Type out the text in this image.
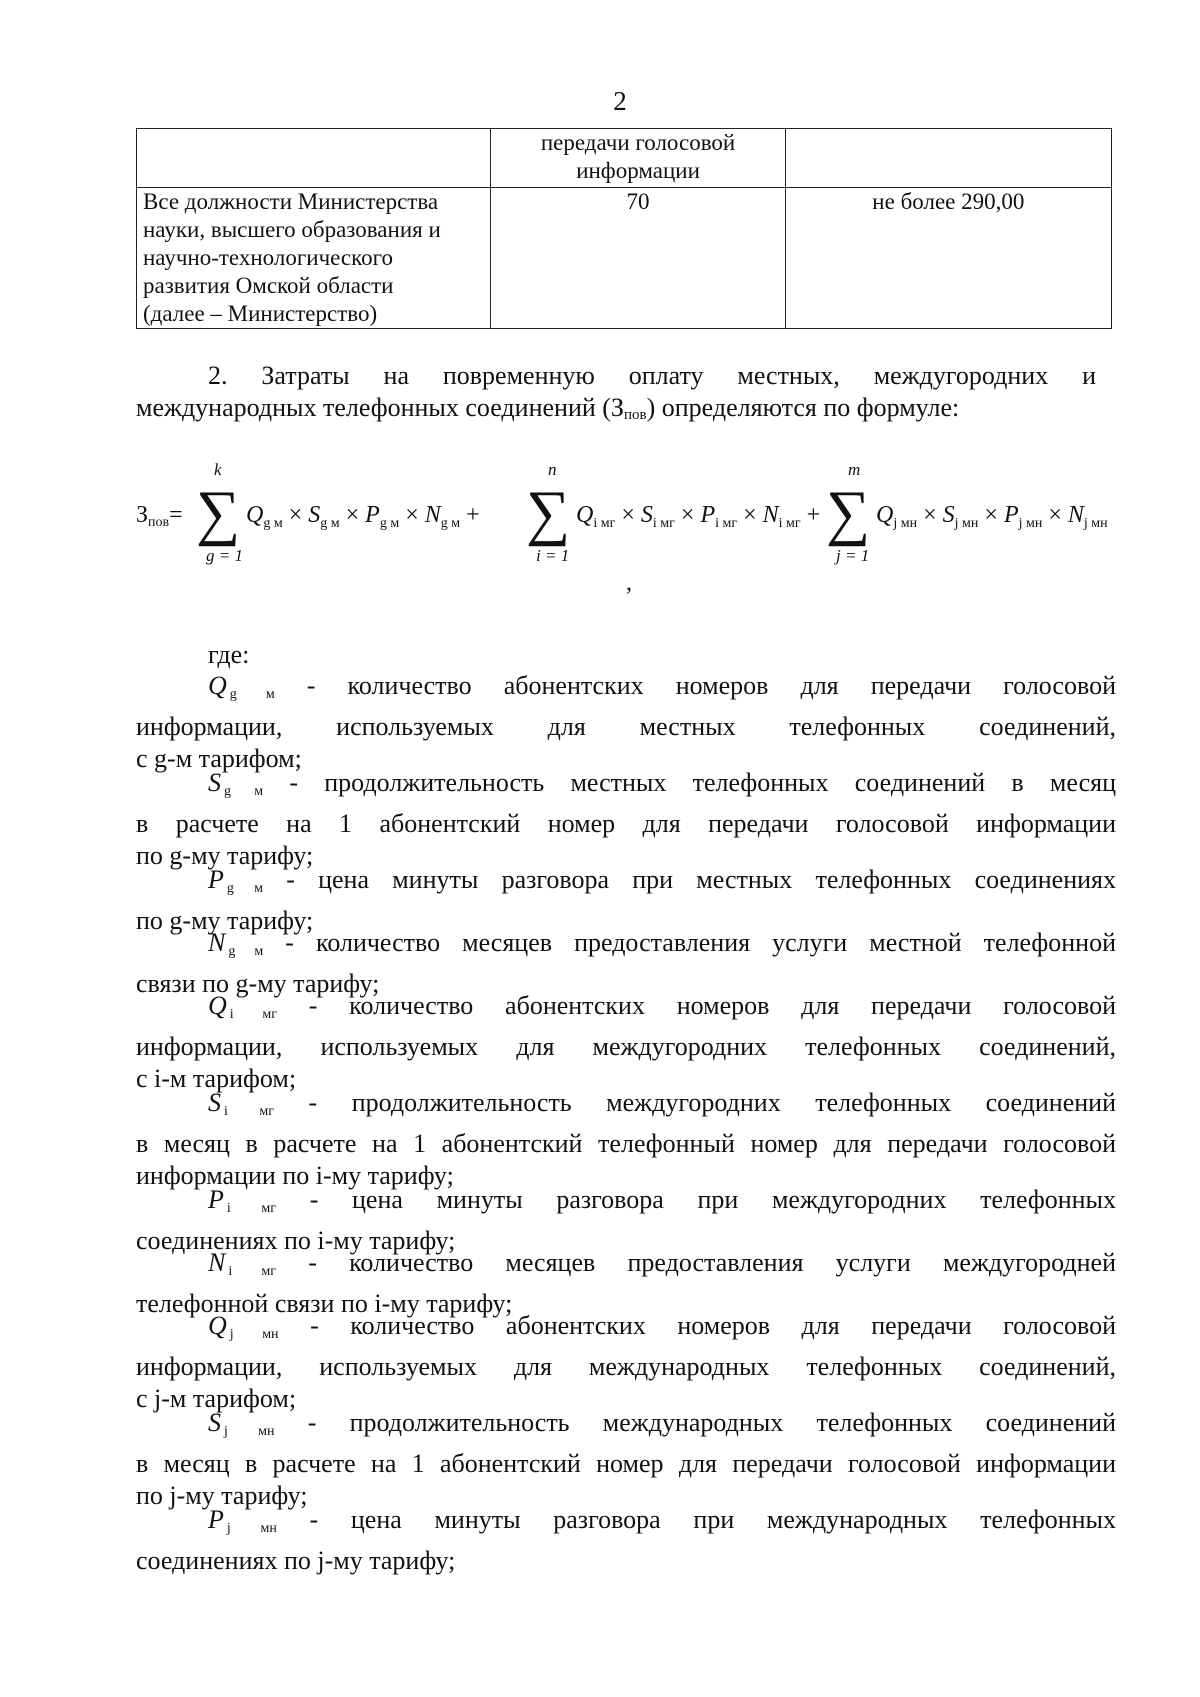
2
	передачи голосовой информации	

Все должности Министерства
науки, высшего образования и
научно-технологического
развития Омской области
(далее – Министерство)	70	не более 290,00
2. Затраты на повременную оплату местных, междугородних и
международных телефонных соединений (Зпов) определяются по формуле:
$З_{пов}=$
k
∑
g = 1
$Q_{g м} \times S_{g м} \times P_{g м} \times N_{g м}$ +
n
∑
i = 1
$Q_{i мг} \times S_{i мг} \times P_{i мг} \times N_{i мг}$ +
m
∑
j = 1
$Q_{j мн} \times S_{j мн} \times P_{j мн} \times N_{j мн}$
,
где:
Q $_{g м}$ - количество абонентских номеров для передачи голосовой
информации, используемых для местных телефонных соединений,
с g-м тарифом;
S $_{g м}$ - продолжительность местных телефонных соединений в месяц
в расчете на 1 абонентский номер для передачи голосовой информации
по g-му тарифу;
P $_{g м}$ - цена минуты разговора при местных телефонных соединениях
по g-му тарифу;
N $_{g м}$ - количество месяцев предоставления услуги местной телефонной
связи по g-му тарифу;
Q $_{i мг}$ - количество абонентских номеров для передачи голосовой
информации, используемых для междугородних телефонных соединений,
с i-м тарифом;
S $_{i мг}$ - продолжительность междугородних телефонных соединений
в месяц в расчете на 1 абонентский телефонный номер для передачи голосовой
информации по i-му тарифу;
P $_{i мг}$ - цена минуты разговора при междугородних телефонных
соединениях по i-му тарифу;
N $_{i мг}$ - количество месяцев предоставления услуги междугородней
телефонной связи по i-му тарифу;
Q $_{j мн}$ - количество абонентских номеров для передачи голосовой
информации, используемых для международных телефонных соединений,
с j-м тарифом;
S $_{j мн}$ - продолжительность международных телефонных соединений
в месяц в расчете на 1 абонентский номер для передачи голосовой информации
по j-му тарифу;
P $_{j мн}$ - цена минуты разговора при международных телефонных
соединениях по j-му тарифу;
